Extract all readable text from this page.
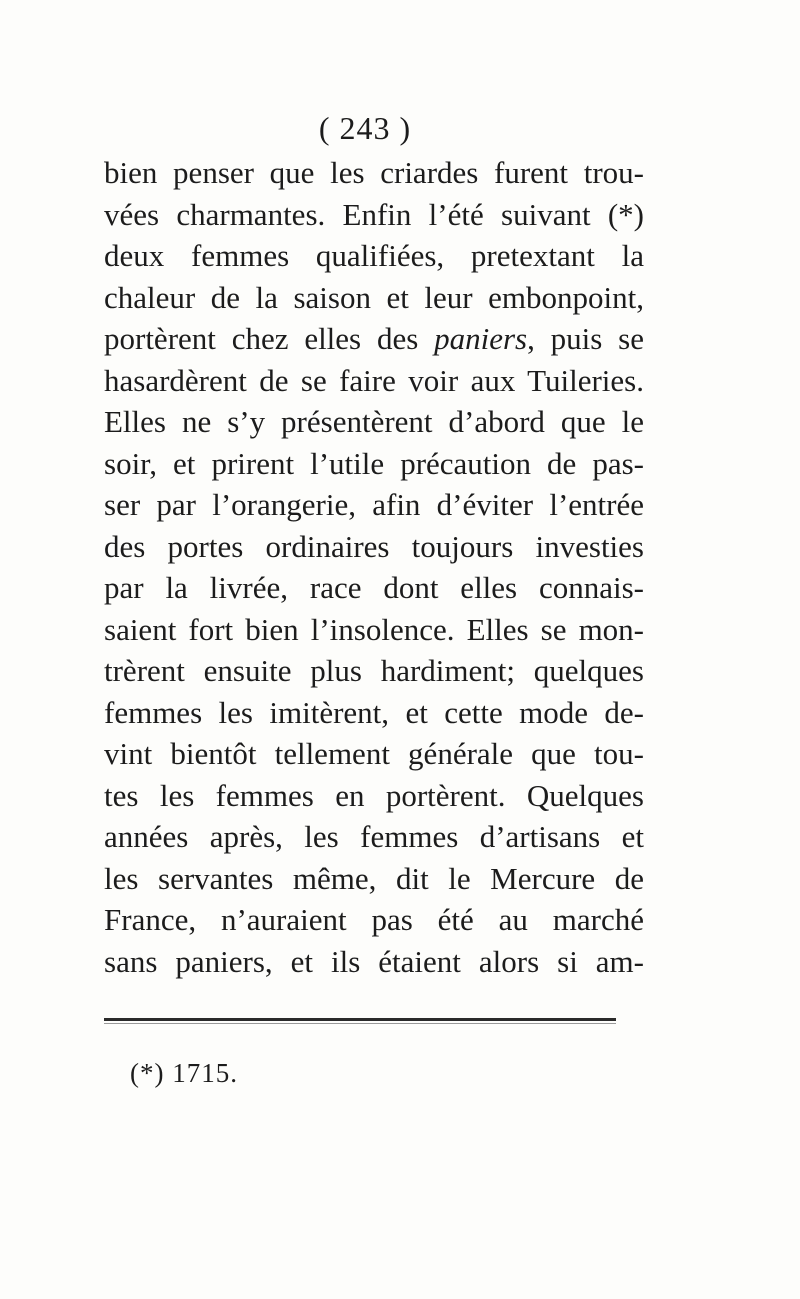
( 243 )
bien penser que les criardes furent trou-
vées charmantes. Enfin l’été suivant (*)
deux femmes qualifiées, pretextant la
chaleur de la saison et leur embonpoint,
portèrent chez elles des paniers, puis se
hasardèrent de se faire voir aux Tuileries.
Elles ne s’y présentèrent d’abord que le
soir, et prirent l’utile précaution de pas-
ser par l’orangerie, afin d’éviter l’entrée
des portes ordinaires toujours investies
par la livrée, race dont elles connais-
saient fort bien l’insolence. Elles se mon-
trèrent ensuite plus hardiment; quelques
femmes les imitèrent, et cette mode de-
vint bientôt tellement générale que tou-
tes les femmes en portèrent. Quelques
années après, les femmes d’artisans et
les servantes même, dit le Mercure de
France, n’auraient pas été au marché
sans paniers, et ils étaient alors si am-
(*) 1715.
